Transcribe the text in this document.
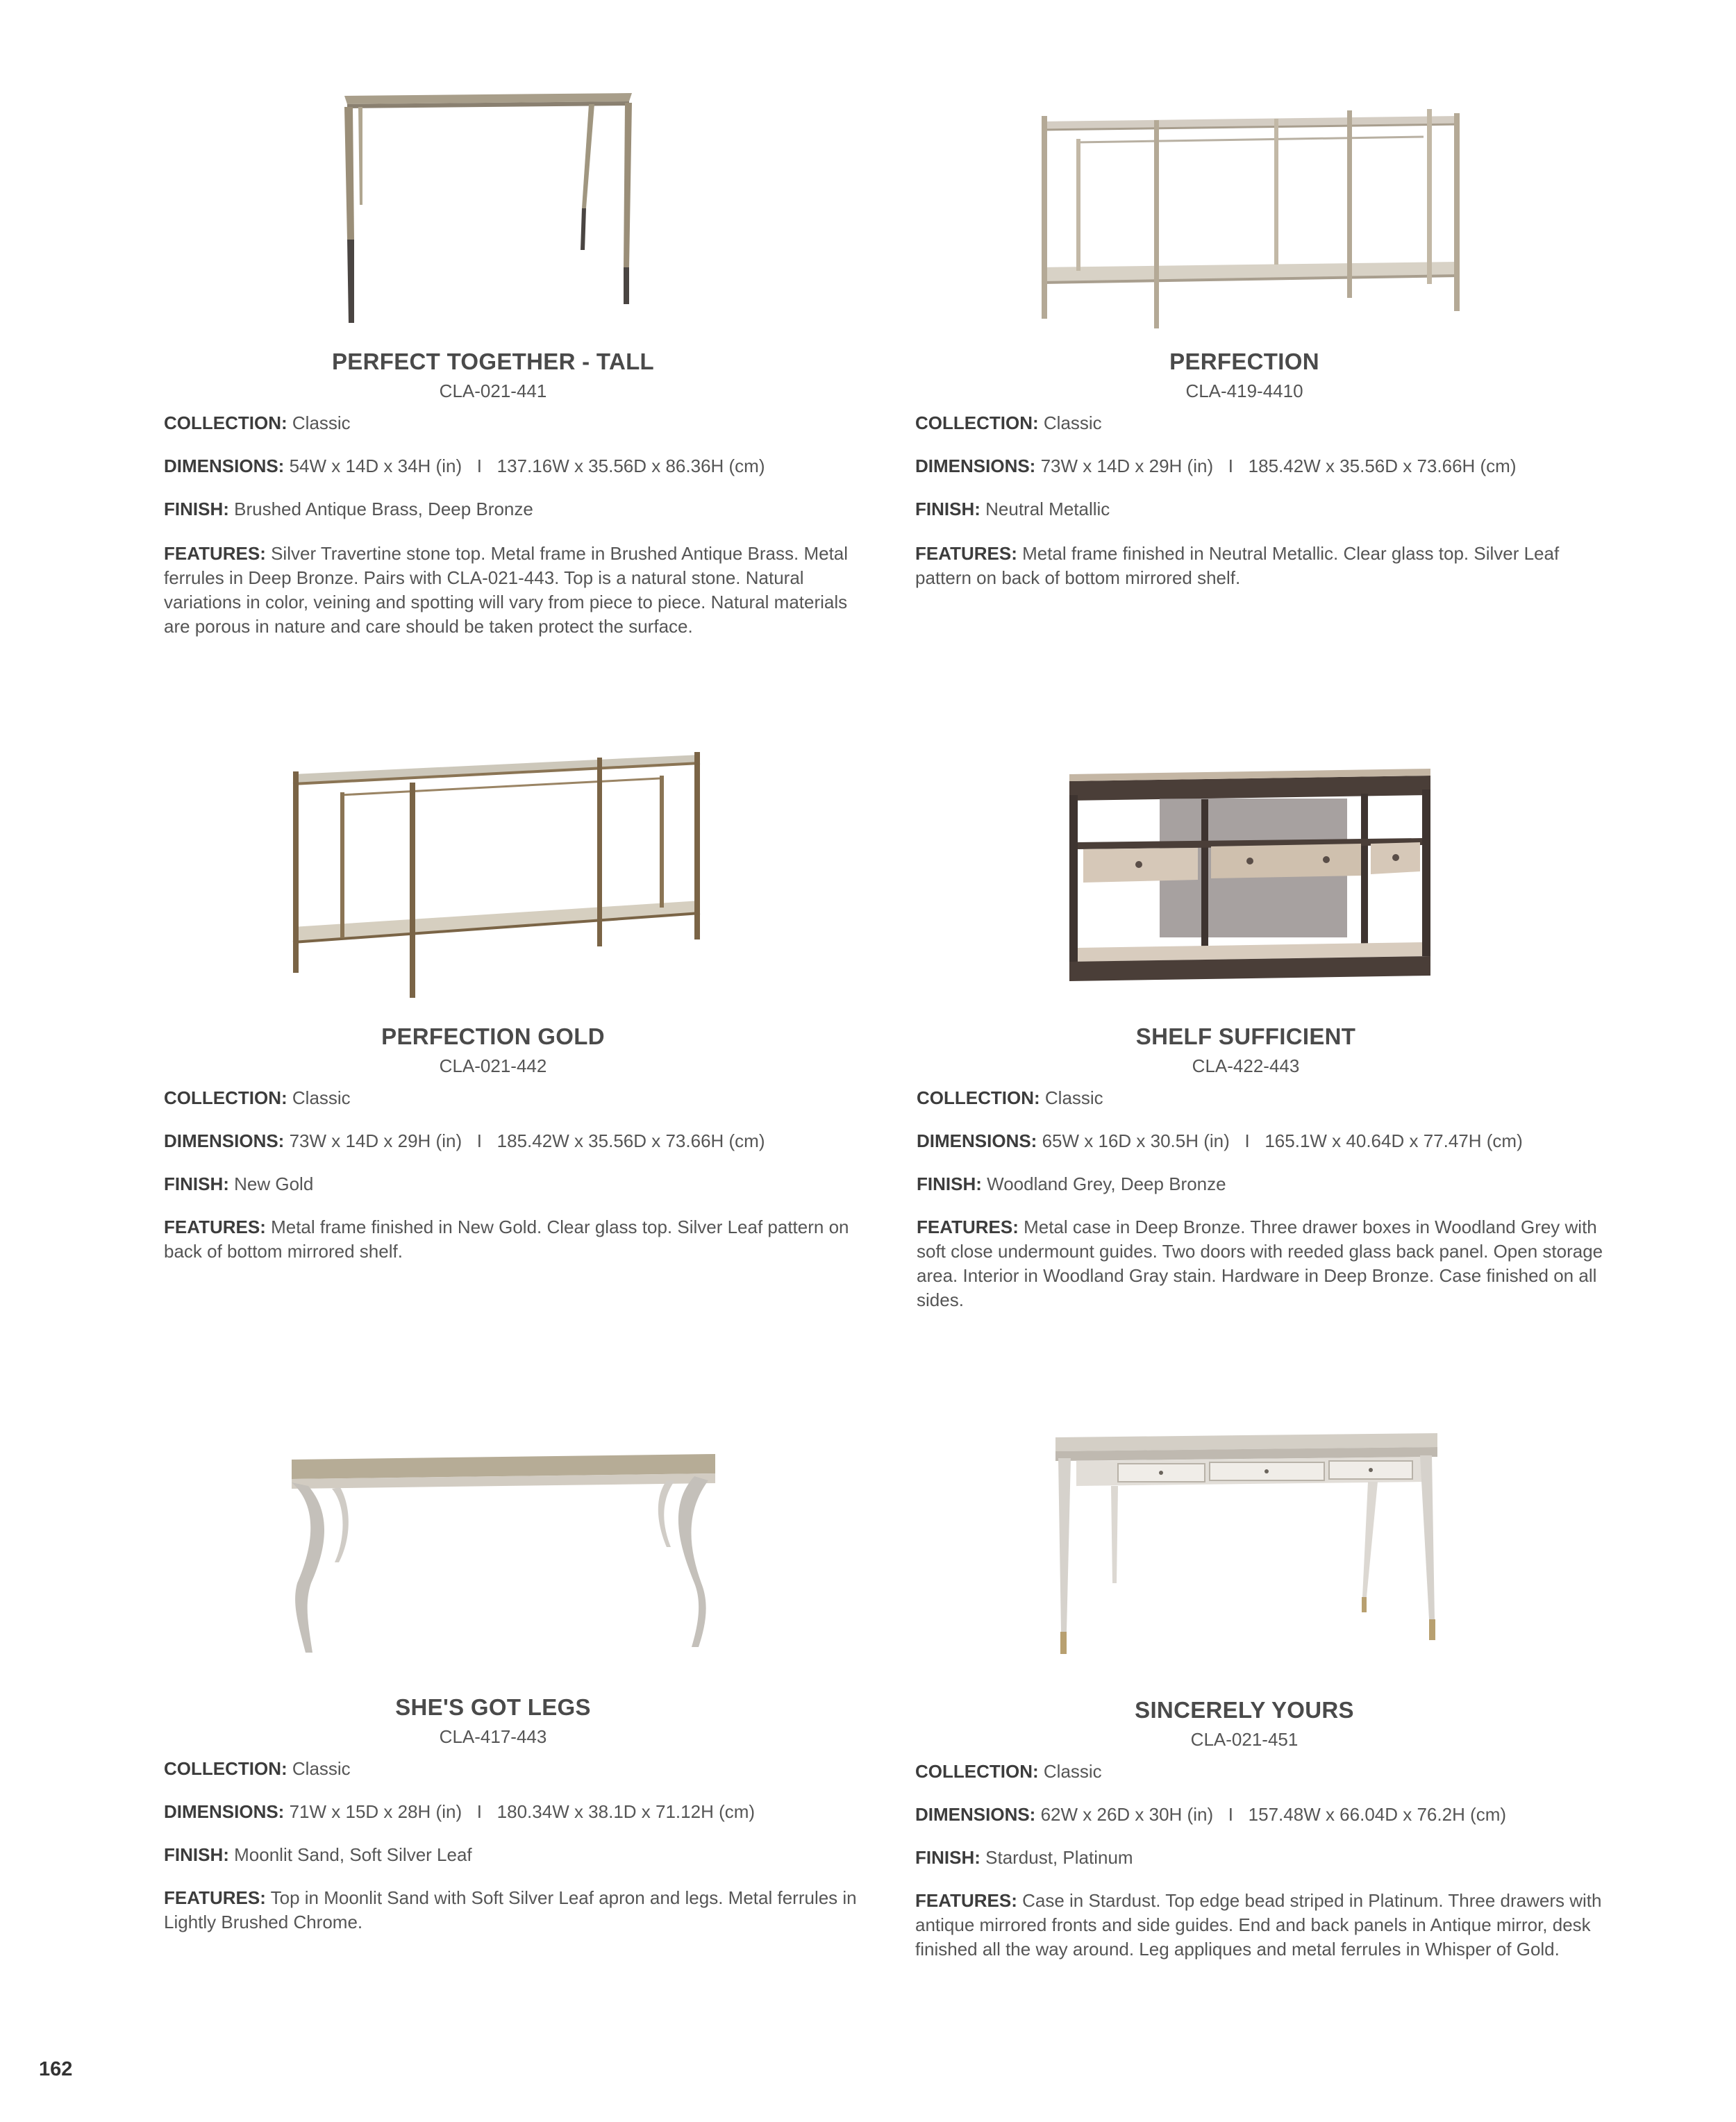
PERFECT TOGETHER - TALL
CLA-021-441
COLLECTION: Classic
DIMENSIONS: 54W x 14D x 34H (in)   I   137.16W x 35.56D x 86.36H (cm)
FINISH: Brushed Antique Brass, Deep Bronze
FEATURES: Silver Travertine stone top. Metal frame in Brushed Antique Brass. Metal ferrules in Deep Bronze. Pairs with CLA-021-443. Top is a natural stone. Natural variations in color, veining and spotting will vary from piece to piece. Natural materials are porous in nature and care should be taken protect the surface.
PERFECTION
CLA-419-4410
COLLECTION: Classic
DIMENSIONS: 73W x 14D x 29H (in)   I   185.42W x 35.56D x 73.66H (cm)
FINISH: Neutral Metallic
FEATURES: Metal frame finished in Neutral Metallic. Clear glass top. Silver Leaf pattern on back of bottom mirrored shelf.
PERFECTION GOLD
CLA-021-442
COLLECTION: Classic
DIMENSIONS: 73W x 14D x 29H (in)   I   185.42W x 35.56D x 73.66H (cm)
FINISH: New Gold
FEATURES: Metal frame finished in New Gold. Clear glass top. Silver Leaf pattern on back of bottom mirrored shelf.
SHELF SUFFICIENT
CLA-422-443
COLLECTION: Classic
DIMENSIONS: 65W x 16D x 30.5H (in)   I   165.1W x 40.64D x 77.47H (cm)
FINISH: Woodland Grey, Deep Bronze
FEATURES: Metal case in Deep Bronze. Three drawer boxes in Woodland Grey with soft close undermount guides. Two doors with reeded glass back panel. Open storage area. Interior in Woodland Gray stain. Hardware in Deep Bronze. Case finished on all sides.
SHE'S GOT LEGS
CLA-417-443
COLLECTION: Classic
DIMENSIONS: 71W x 15D x 28H (in)   I   180.34W x 38.1D x 71.12H (cm)
FINISH: Moonlit Sand, Soft Silver Leaf
FEATURES: Top in Moonlit Sand with Soft Silver Leaf apron and legs. Metal ferrules in Lightly Brushed Chrome.
SINCERELY YOURS
CLA-021-451
COLLECTION: Classic
DIMENSIONS: 62W x 26D x 30H (in)   I   157.48W x 66.04D x 76.2H (cm)
FINISH: Stardust, Platinum
FEATURES: Case in Stardust. Top edge bead striped in Platinum. Three drawers with antique mirrored fronts and side guides. End and back panels in Antique mirror, desk finished all the way around. Leg appliques and metal ferrules in Whisper of Gold.
162
